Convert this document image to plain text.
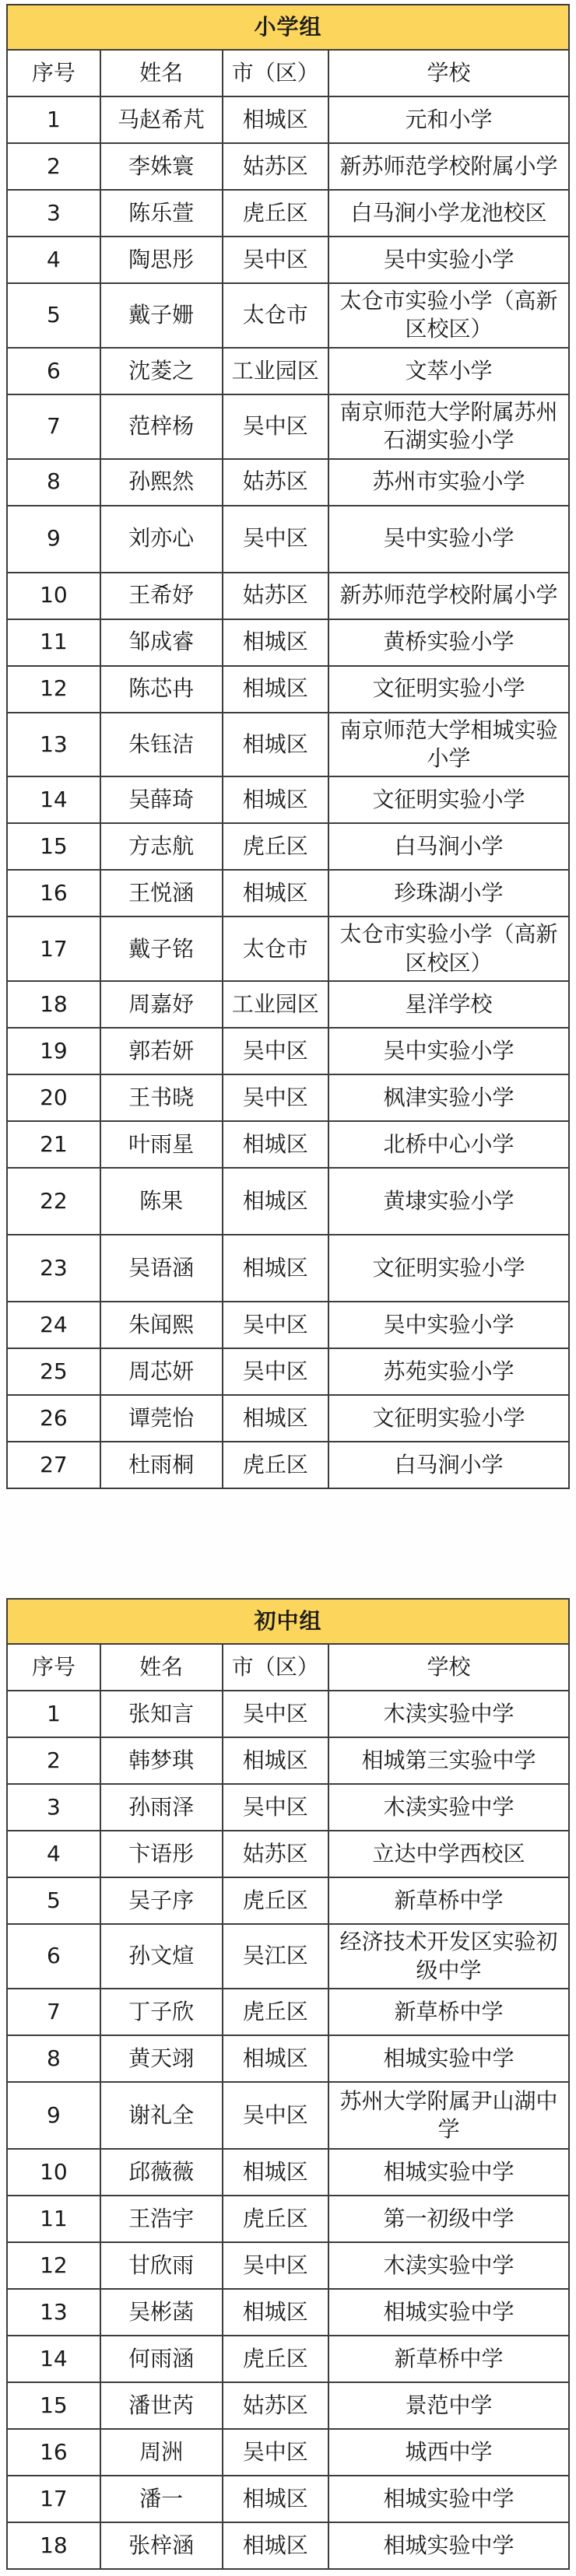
小学组			
序号	姓名	市（区）	学校
1	马赵希芃	相城区	元和小学
2	李姝寰	姑苏区	新苏师范学校附属小学
3	陈乐萱	虎丘区	白马涧小学龙池校区
4	陶思彤	吴中区	吴中实验小学
5	戴子姗	太仓市	太仓市实验小学（高新区校区）
6	沈菱之	工业园区	文萃小学
7	范梓杨	吴中区	南京师范大学附属苏州石湖实验小学
8	孙熙然	姑苏区	苏州市实验小学
9	刘亦心	吴中区	吴中实验小学
10	王希妤	姑苏区	新苏师范学校附属小学
11	邹成睿	相城区	黄桥实验小学
12	陈芯冉	相城区	文征明实验小学
13	朱钰洁	相城区	南京师范大学相城实验小学
14	吴薛琦	相城区	文征明实验小学
15	方志航	虎丘区	白马涧小学
16	王悦涵	相城区	珍珠湖小学
17	戴子铭	太仓市	太仓市实验小学（高新区校区）
18	周嘉妤	工业园区	星洋学校
19	郭若妍	吴中区	吴中实验小学
20	王书晓	吴中区	枫津实验小学
21	叶雨星	相城区	北桥中心小学
22	陈果	相城区	黄埭实验小学
23	吴语涵	相城区	文征明实验小学
24	朱闻熙	吴中区	吴中实验小学
25	周芯妍	吴中区	苏苑实验小学
26	谭莞怡	相城区	文征明实验小学
27	杜雨桐	虎丘区	白马涧小学
初中组			
序号	姓名	市（区）	学校
1	张知言	吴中区	木渎实验中学
2	韩梦琪	相城区	相城第三实验中学
3	孙雨泽	吴中区	木渎实验中学
4	卞语彤	姑苏区	立达中学西校区
5	吴子序	虎丘区	新草桥中学
6	孙文煊	吴江区	经济技术开发区实验初级中学
7	丁子欣	虎丘区	新草桥中学
8	黄天翊	相城区	相城实验中学
9	谢礼全	吴中区	苏州大学附属尹山湖中学
10	邱薇薇	相城区	相城实验中学
11	王浩宇	虎丘区	第一初级中学
12	甘欣雨	吴中区	木渎实验中学
13	吴彬菡	相城区	相城实验中学
14	何雨涵	虎丘区	新草桥中学
15	潘世芮	姑苏区	景范中学
16	周洲	吴中区	城西中学
17	潘一	相城区	相城实验中学
18	张梓涵	相城区	相城实验中学
